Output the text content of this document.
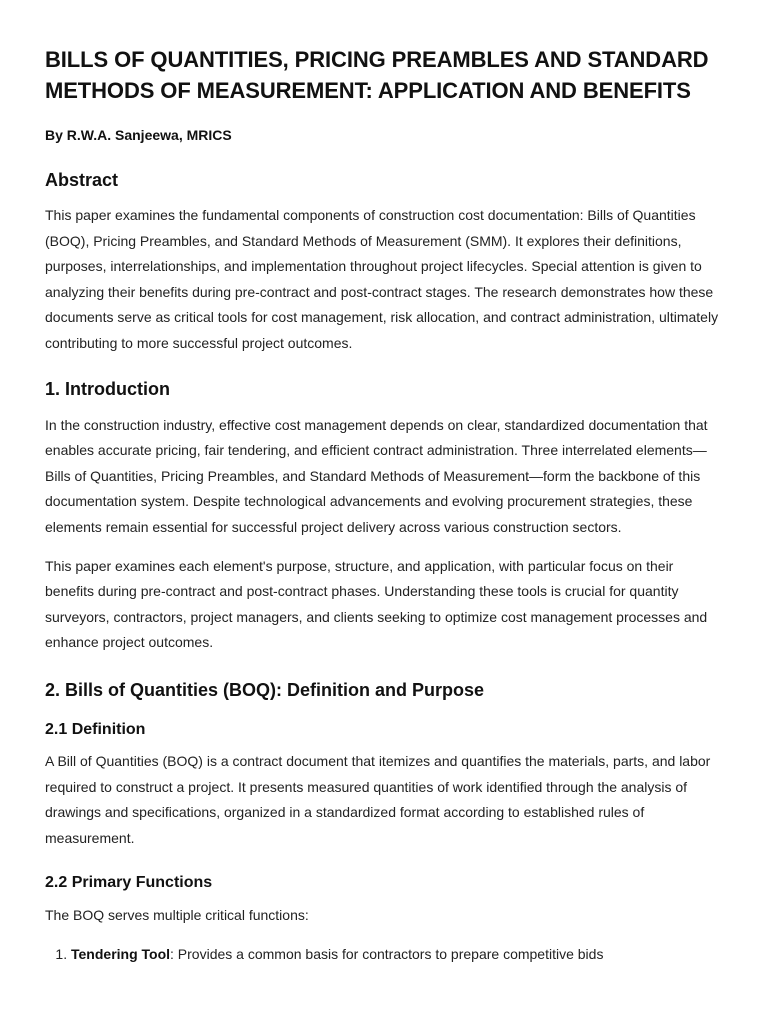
BILLS OF QUANTITIES, PRICING PREAMBLES AND STANDARD METHODS OF MEASUREMENT: APPLICATION AND BENEFITS
By R.W.A. Sanjeewa, MRICS
Abstract

This paper examines the fundamental components of construction cost documentation: Bills of Quantities (BOQ), Pricing Preambles, and Standard Methods of Measurement (SMM). It explores their definitions, purposes, interrelationships, and implementation throughout project lifecycles. Special attention is given to analyzing their benefits during pre-contract and post-contract stages. The research demonstrates how these documents serve as critical tools for cost management, risk allocation, and contract administration, ultimately contributing to more successful project outcomes.

1. Introduction

In the construction industry, effective cost management depends on clear, standardized documentation that enables accurate pricing, fair tendering, and efficient contract administration. Three interrelated elements—Bills of Quantities, Pricing Preambles, and Standard Methods of Measurement—form the backbone of this documentation system. Despite technological advancements and evolving procurement strategies, these elements remain essential for successful project delivery across various construction sectors.

This paper examines each element's purpose, structure, and application, with particular focus on their benefits during pre-contract and post-contract phases. Understanding these tools is crucial for quantity surveyors, contractors, project managers, and clients seeking to optimize cost management processes and enhance project outcomes.

2. Bills of Quantities (BOQ): Definition and Purpose
2.1 Definition

A Bill of Quantities (BOQ) is a contract document that itemizes and quantifies the materials, parts, and labor required to construct a project. It presents measured quantities of work identified through the analysis of drawings and specifications, organized in a standardized format according to established rules of measurement.

2.2 Primary Functions

The BOQ serves multiple critical functions:

1. Tendering Tool: Provides a common basis for contractors to prepare competitive bids
